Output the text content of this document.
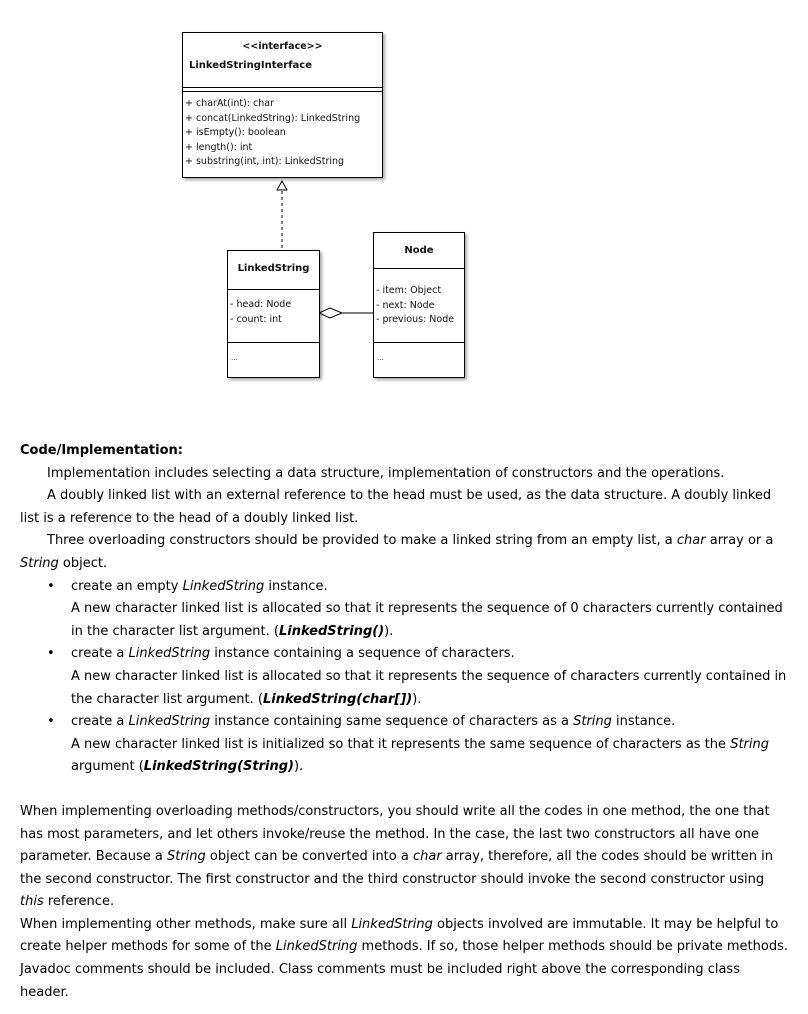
<<interface>>
LinkedStringInterface
+ charAt(int): char
+ concat(LinkedString): LinkedString
+ isEmpty(): boolean
+ length(): int
+ substring(int, int): LinkedString
LinkedString
- head: Node
- count: int
...
Node
- item: Object
- next: Node
- previous: Node
...

Code/Implementation:

Implementation includes selecting a data structure, implementation of constructors and the operations.

A doubly linked list with an external reference to the head must be used, as the data structure. A doubly linked list is a reference to the head of a doubly linked list.

Three overloading constructors should be provided to make a linked string from an empty list, a char array or a String object.

• create an empty LinkedString instance.

A new character linked list is allocated so that it represents the sequence of 0 characters currently contained in the character list argument. (LinkedString()).

• create a LinkedString instance containing a sequence of characters.

A new character linked list is allocated so that it represents the sequence of characters currently contained in the character list argument. (LinkedString(char[])).

• create a LinkedString instance containing same sequence of characters as a String instance.

A new character linked list is initialized so that it represents the same sequence of characters as the String argument (LinkedString(String)).

When implementing overloading methods/constructors, you should write all the codes in one method, the one that has most parameters, and let others invoke/reuse the method. In the case, the last two constructors all have one parameter. Because a String object can be converted into a char array, therefore, all the codes should be written in the second constructor. The first constructor and the third constructor should invoke the second constructor using this reference.

When implementing other methods, make sure all LinkedString objects involved are immutable. It may be helpful to create helper methods for some of the LinkedString methods. If so, those helper methods should be private methods. Javadoc comments should be included. Class comments must be included right above the corresponding class header.
